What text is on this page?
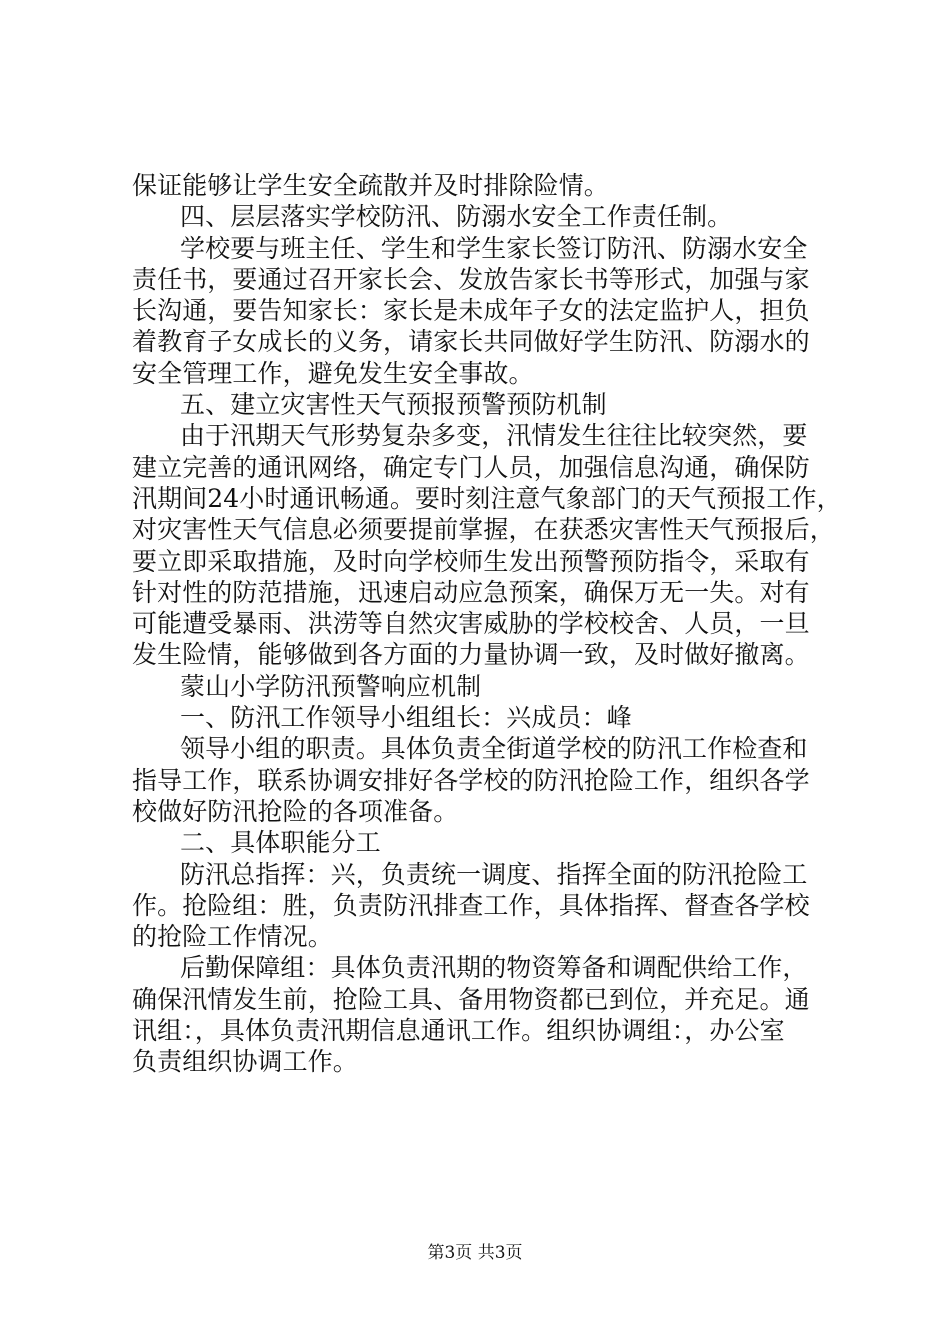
保证能够让学生安全疏散并及时排除险情。
四、层层落实学校防汛、防溺水安全工作责任制。
学校要与班主任、学生和学生家长签订防汛、防溺水安全
责任书，要通过召开家长会、发放告家长书等形式，加强与家
长沟通，要告知家长：家长是未成年子女的法定监护人，担负
着教育子女成长的义务，请家长共同做好学生防汛、防溺水的
安全管理工作，避免发生安全事故。
五、建立灾害性天气预报预警预防机制
由于汛期天气形势复杂多变，汛情发生往往比较突然，要
建立完善的通讯网络，确定专门人员，加强信息沟通，确保防
汛期间24小时通讯畅通。要时刻注意气象部门的天气预报工作，
对灾害性天气信息必须要提前掌握，在获悉灾害性天气预报后，
要立即采取措施，及时向学校师生发出预警预防指令，采取有
针对性的防范措施，迅速启动应急预案，确保万无一失。对有
可能遭受暴雨、洪涝等自然灾害威胁的学校校舍、人员，一旦
发生险情，能够做到各方面的力量协调一致，及时做好撤离。
蒙山小学防汛预警响应机制
一、防汛工作领导小组组长：兴成员：峰
领导小组的职责。具体负责全街道学校的防汛工作检查和
指导工作，联系协调安排好各学校的防汛抢险工作，组织各学
校做好防汛抢险的各项准备。
二、具体职能分工
防汛总指挥：兴，负责统一调度、指挥全面的防汛抢险工
作。抢险组：胜，负责防汛排查工作，具体指挥、督查各学校
的抢险工作情况。
后勤保障组：具体负责汛期的物资筹备和调配供给工作，
确保汛情发生前，抢险工具、备用物资都已到位，并充足。通
讯组：，具体负责汛期信息通讯工作。组织协调组：，办公室
负责组织协调工作。
第3页 共3页
